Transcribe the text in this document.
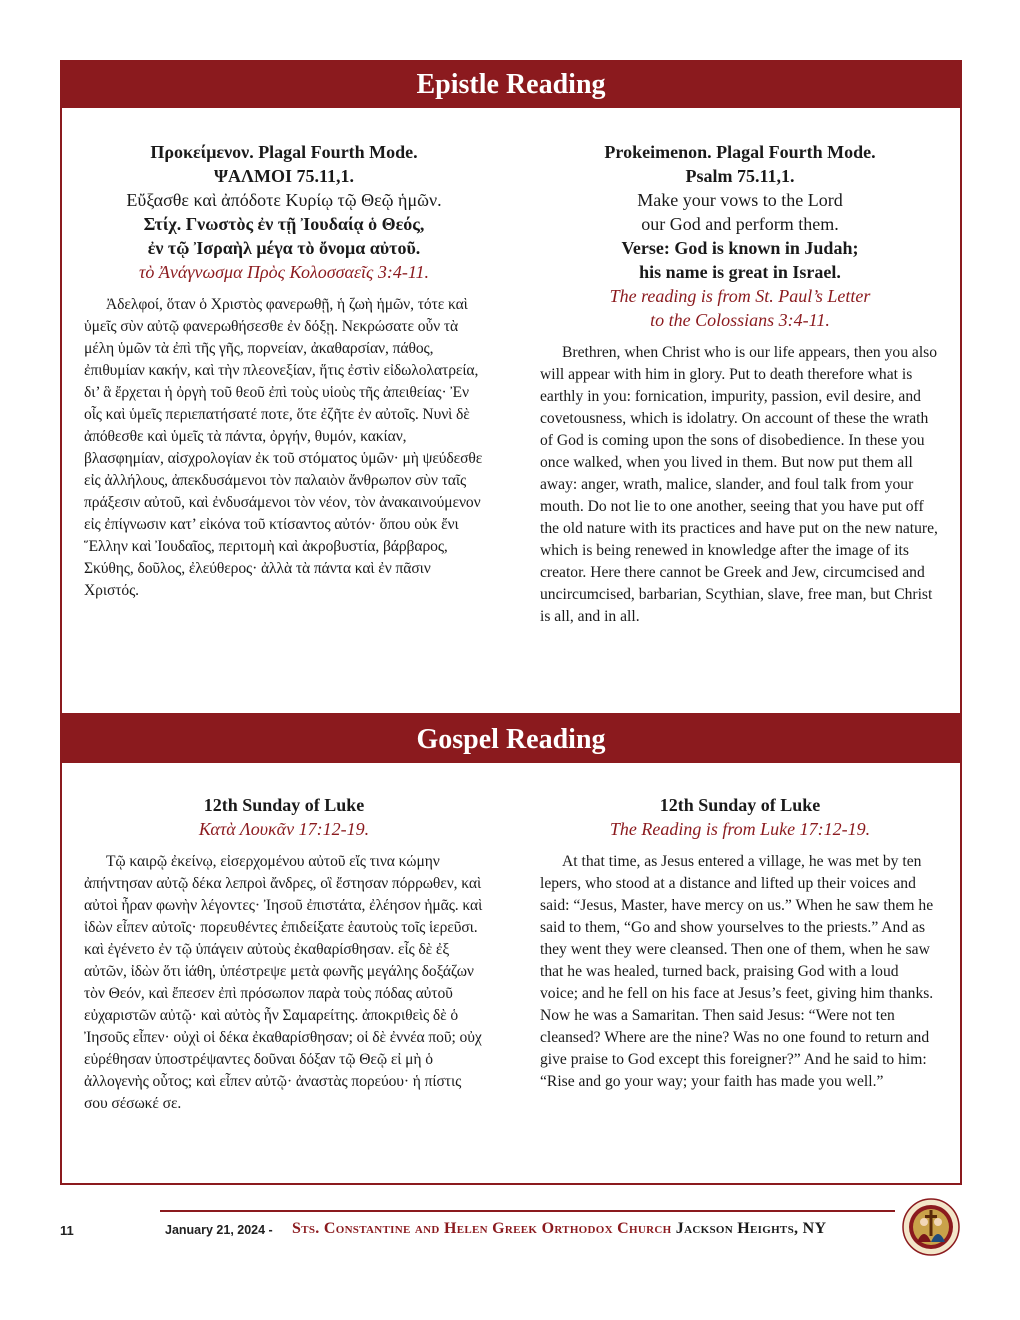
Epistle Reading
Προκείμενον. Plagal Fourth Mode.
ΨΑΛΜΟΙ 75.11,1.
Εὔξασθε καὶ ἀπόδοτε Κυρίῳ τῷ Θεῷ ἡμῶν.
Στίχ. Γνωστὸς ἐν τῇ Ἰουδαίᾳ ὁ Θεός,
ἐν τῷ Ἰσραὴλ μέγα τὸ ὄνομα αὐτοῦ.
τὸ Ἀνάγνωσμα Πρὸς Κολοσσαεῖς 3:4-11.

Ἀδελφοί, ὅταν ὁ Χριστὸς φανερωθῇ, ἡ ζωὴ ἡμῶν, τότε καὶ ὑμεῖς σὺν αὐτῷ φανερωθήσεσθε ἐν δόξῃ. Νεκρώσατε οὖν τὰ μέλη ὑμῶν τὰ ἐπὶ τῆς γῆς, πορνείαν, ἀκαθαρσίαν, πάθος, ἐπιθυμίαν κακήν, καὶ τὴν πλεονεξίαν, ἥτις ἐστὶν εἰδωλολατρεία, δι’ ἃ ἔρχεται ἡ ὀργὴ τοῦ θεοῦ ἐπὶ τοὺς υἱοὺς τῆς ἀπειθείας· Ἐν οἷς καὶ ὑμεῖς περιεπατήσατέ ποτε, ὅτε ἐζῆτε ἐν αὐτοῖς. Νυνὶ δὲ ἀπόθεσθε καὶ ὑμεῖς τὰ πάντα, ὀργήν, θυμόν, κακίαν, βλασφημίαν, αἰσχρολογίαν ἐκ τοῦ στόματος ὑμῶν· μὴ ψεύδεσθε εἰς ἀλλήλους, ἀπεκδυσάμενοι τὸν παλαιὸν ἄνθρωπον σὺν ταῖς πράξεσιν αὐτοῦ, καὶ ἐνδυσάμενοι τὸν νέον, τὸν ἀνακαινούμενον εἰς ἐπίγνωσιν κατ’ εἰκόνα τοῦ κτίσαντος αὐτόν· ὅπου οὐκ ἔνι Ἕλλην καὶ Ἰουδαῖος, περιτομὴ καὶ ἀκροβυστία, βάρβαρος, Σκύθης, δοῦλος, ἐλεύθερος· ἀλλὰ τὰ πάντα καὶ ἐν πᾶσιν Χριστός.

Prokeimenon. Plagal Fourth Mode.
Psalm 75.11,1.
Make your vows to the Lord
our God and perform them.
Verse: God is known in Judah;
his name is great in Israel.
The reading is from St. Paul’s Letter
to the Colossians 3:4-11.

Brethren, when Christ who is our life appears, then you also will appear with him in glory. Put to death therefore what is earthly in you: fornication, impurity, passion, evil desire, and covetousness, which is idolatry. On account of these the wrath of God is coming upon the sons of disobedience. In these you once walked, when you lived in them. But now put them all away: anger, wrath, malice, slander, and foul talk from your mouth. Do not lie to one another, seeing that you have put off the old nature with its practices and have put on the new nature, which is being renewed in knowledge after the image of its creator. Here there cannot be Greek and Jew, circumcised and uncircumcised, barbarian, Scythian, slave, free man, but Christ is all, and in all.

Gospel Reading
12th Sunday of Luke
Κατὰ Λουκᾶν 17:12-19.

Τῷ καιρῷ ἐκείνῳ, εἰσερχομένου αὐτοῦ εἴς τινα κώμην ἀπήντησαν αὐτῷ δέκα λεπροὶ ἄνδρες, οἳ ἔστησαν πόρρωθεν, καὶ αὐτοὶ ἦραν φωνὴν λέγοντες· Ἰησοῦ ἐπιστάτα, ἐλέησον ἡμᾶς. καὶ ἰδὼν εἶπεν αὐτοῖς· πορευθέντες ἐπιδείξατε ἑαυτοὺς τοῖς ἱερεῦσι. καὶ ἐγένετο ἐν τῷ ὑπάγειν αὐτοὺς ἐκαθαρίσθησαν. εἷς δὲ ἐξ αὐτῶν, ἰδὼν ὅτι ἰάθη, ὑπέστρεψε μετὰ φωνῆς μεγάλης δοξάζων τὸν Θεόν, καὶ ἔπεσεν ἐπὶ πρόσωπον παρὰ τοὺς πόδας αὐτοῦ εὐχαριστῶν αὐτῷ· καὶ αὐτὸς ἦν Σαμαρείτης. ἀποκριθεὶς δὲ ὁ Ἰησοῦς εἶπεν· οὐχὶ οἱ δέκα ἐκαθαρίσθησαν; οἱ δὲ ἐννέα ποῦ; οὐχ εὑρέθησαν ὑποστρέψαντες δοῦναι δόξαν τῷ Θεῷ εἰ μὴ ὁ ἀλλογενὴς οὗτος; καὶ εἶπεν αὐτῷ· ἀναστὰς πορεύου· ἡ πίστις σου σέσωκέ σε.

12th Sunday of Luke
The Reading is from Luke 17:12-19.

At that time, as Jesus entered a village, he was met by ten lepers, who stood at a distance and lifted up their voices and said: “Jesus, Master, have mercy on us.” When he saw them he said to them, “Go and show yourselves to the priests.” And as they went they were cleansed. Then one of them, when he saw that he was healed, turned back, praising God with a loud voice; and he fell on his face at Jesus’s feet, giving him thanks. Now he was a Samaritan. Then said Jesus: “Were not ten cleansed? Where are the nine? Was no one found to return and give praise to God except this foreigner?” And he said to him: “Rise and go your way; your faith has made you well.”

11	January 21, 2024 - Sts. Constantine and Helen Greek Orthodox Church Jackson Heights, NY
